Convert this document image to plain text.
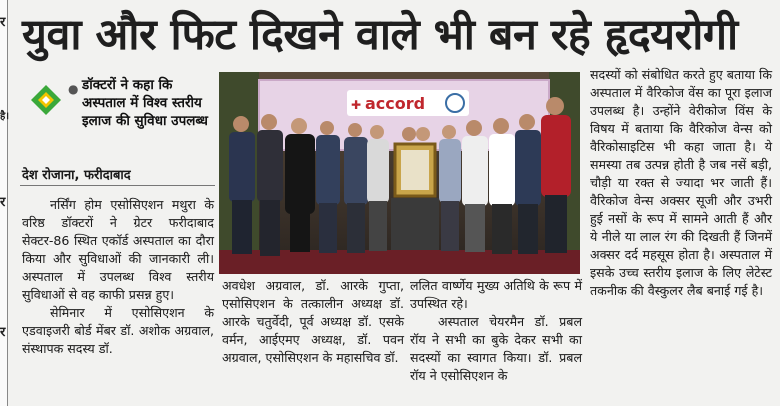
र
है।
र
र
युवा और फिट दिखने वाले भी बन रहे हृदयरोगी
● डॉक्टरों ने कहा कि अस्पताल में विश्व स्तरीय इलाज की सुविधा उपलब्ध
✚ accord
देश रोजाना, फरीदाबाद

नर्सिंग होम एसोसिएशन मथुरा के वरिष्ठ डॉक्टरों ने ग्रेटर फरीदाबाद सेक्टर-86 स्थित एकॉर्ड अस्पताल का दौरा किया और सुविधाओं की जानकारी ली। अस्पताल में उपलब्ध विश्व स्तरीय सुविधाओं से वह काफी प्रसन्न हुए।

सेमिनार में एसोसिएशन के एडवाइजरी बोर्ड मेंबर डॉ. अशोक अग्रवाल, संस्थापक सदस्य डॉ.

अवधेश अग्रवाल, डॉ. आरके गुप्ता, एसोसिएशन के तत्कालीन अध्यक्ष डॉ. आरके चतुर्वेदी, पूर्व अध्यक्ष डॉ. एसके वर्मन, आईएमए अध्यक्ष, डॉ. पवन अग्रवाल, एसोसिएशन के महासचिव डॉ.

ललित वार्ष्णेय मुख्य अतिथि के रूप में उपस्थित रहे।

अस्पताल चेयरमैन डॉ. प्रबल रॉय ने सभी का बुके देकर सभी का सदस्यों का स्वागत किया। डॉ. प्रबल रॉय ने एसोसिएशन के

सदस्यों को संबोधित करते हुए बताया कि अस्पताल में वैरिकोज वेंस का पूरा इलाज उपलब्ध है। उन्होंने वेरीकोज विंस के विषय में बताया कि वैरिकोज वेन्स को वैरिकोसाइटिस भी कहा जाता है। ये समस्या तब उत्पन्न होती है जब नसें बड़ी, चौड़ी या रक्त से ज्यादा भर जाती हैं। वैरिकोज वेन्स अक्सर सूजी और उभरी हुई नसों के रूप में सामने आती हैं और ये नीले या लाल रंग की दिखती हैं जिनमें अक्सर दर्द महसूस होता है। अस्पताल में इसके उच्च स्तरीय इलाज के लिए लेटेस्ट तकनीक की वैस्कुलर लैब बनाई गई है।
